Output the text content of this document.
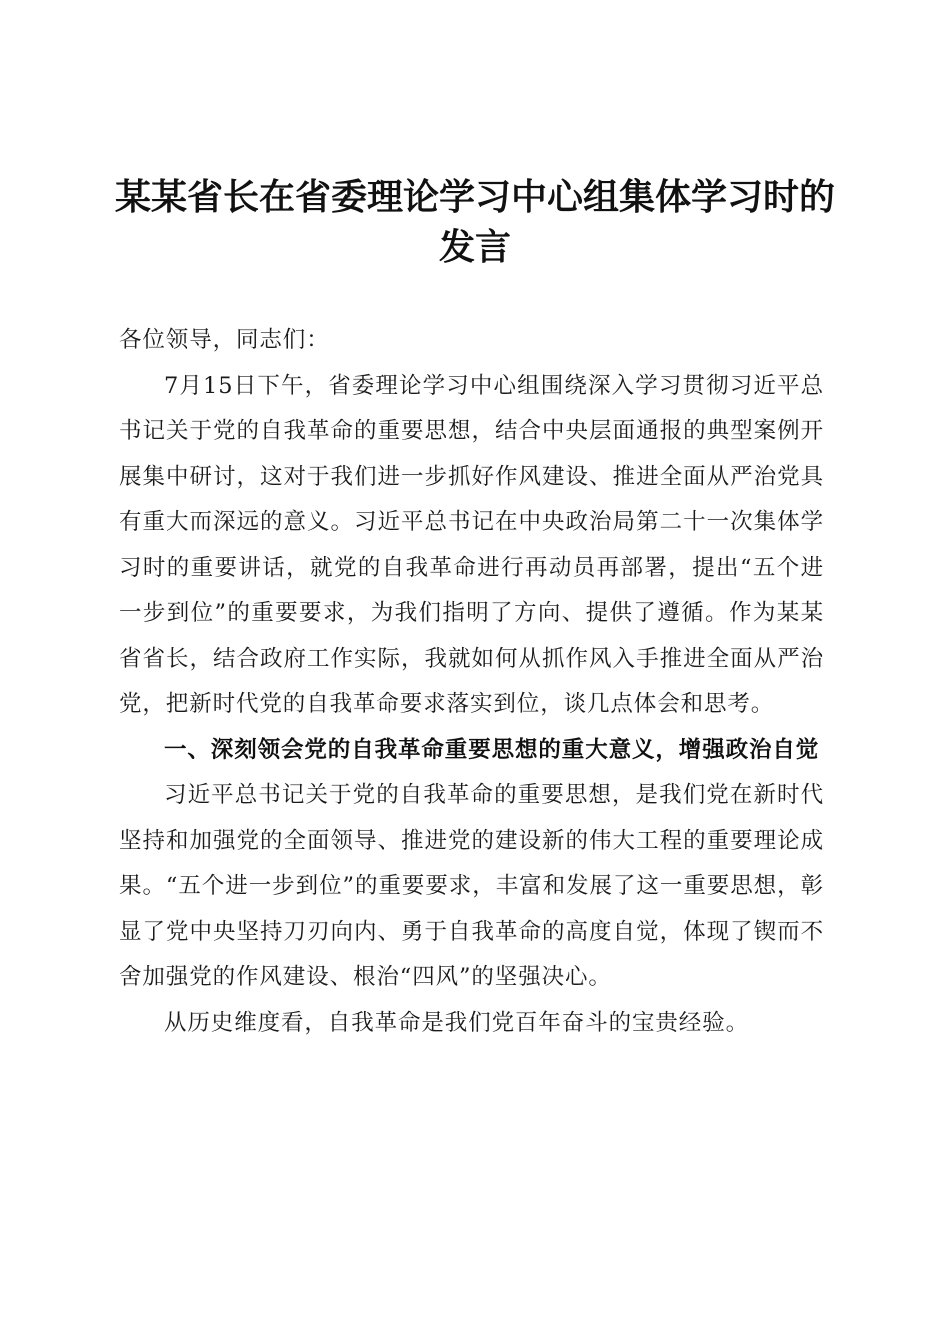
某某省长在省委理论学习中心组集体学习时的发言

各位领导，同志们：

7月15日下午，省委理论学习中心组围绕深入学习贯彻习近平总书记关于党的自我革命的重要思想，结合中央层面通报的典型案例开展集中研讨，这对于我们进一步抓好作风建设、推进全面从严治党具有重大而深远的意义。习近平总书记在中央政治局第二十一次集体学习时的重要讲话，就党的自我革命进行再动员再部署，提出“五个进一步到位”的重要要求，为我们指明了方向、提供了遵循。作为某某省省长，结合政府工作实际，我就如何从抓作风入手推进全面从严治党，把新时代党的自我革命要求落实到位，谈几点体会和思考。

一、深刻领会党的自我革命重要思想的重大意义，增强政治自觉

习近平总书记关于党的自我革命的重要思想，是我们党在新时代坚持和加强党的全面领导、推进党的建设新的伟大工程的重要理论成果。“五个进一步到位”的重要要求，丰富和发展了这一重要思想，彰显了党中央坚持刀刃向内、勇于自我革命的高度自觉，体现了锲而不舍加强党的作风建设、根治“四风”的坚强决心。

从历史维度看，自我革命是我们党百年奋斗的宝贵经验。
